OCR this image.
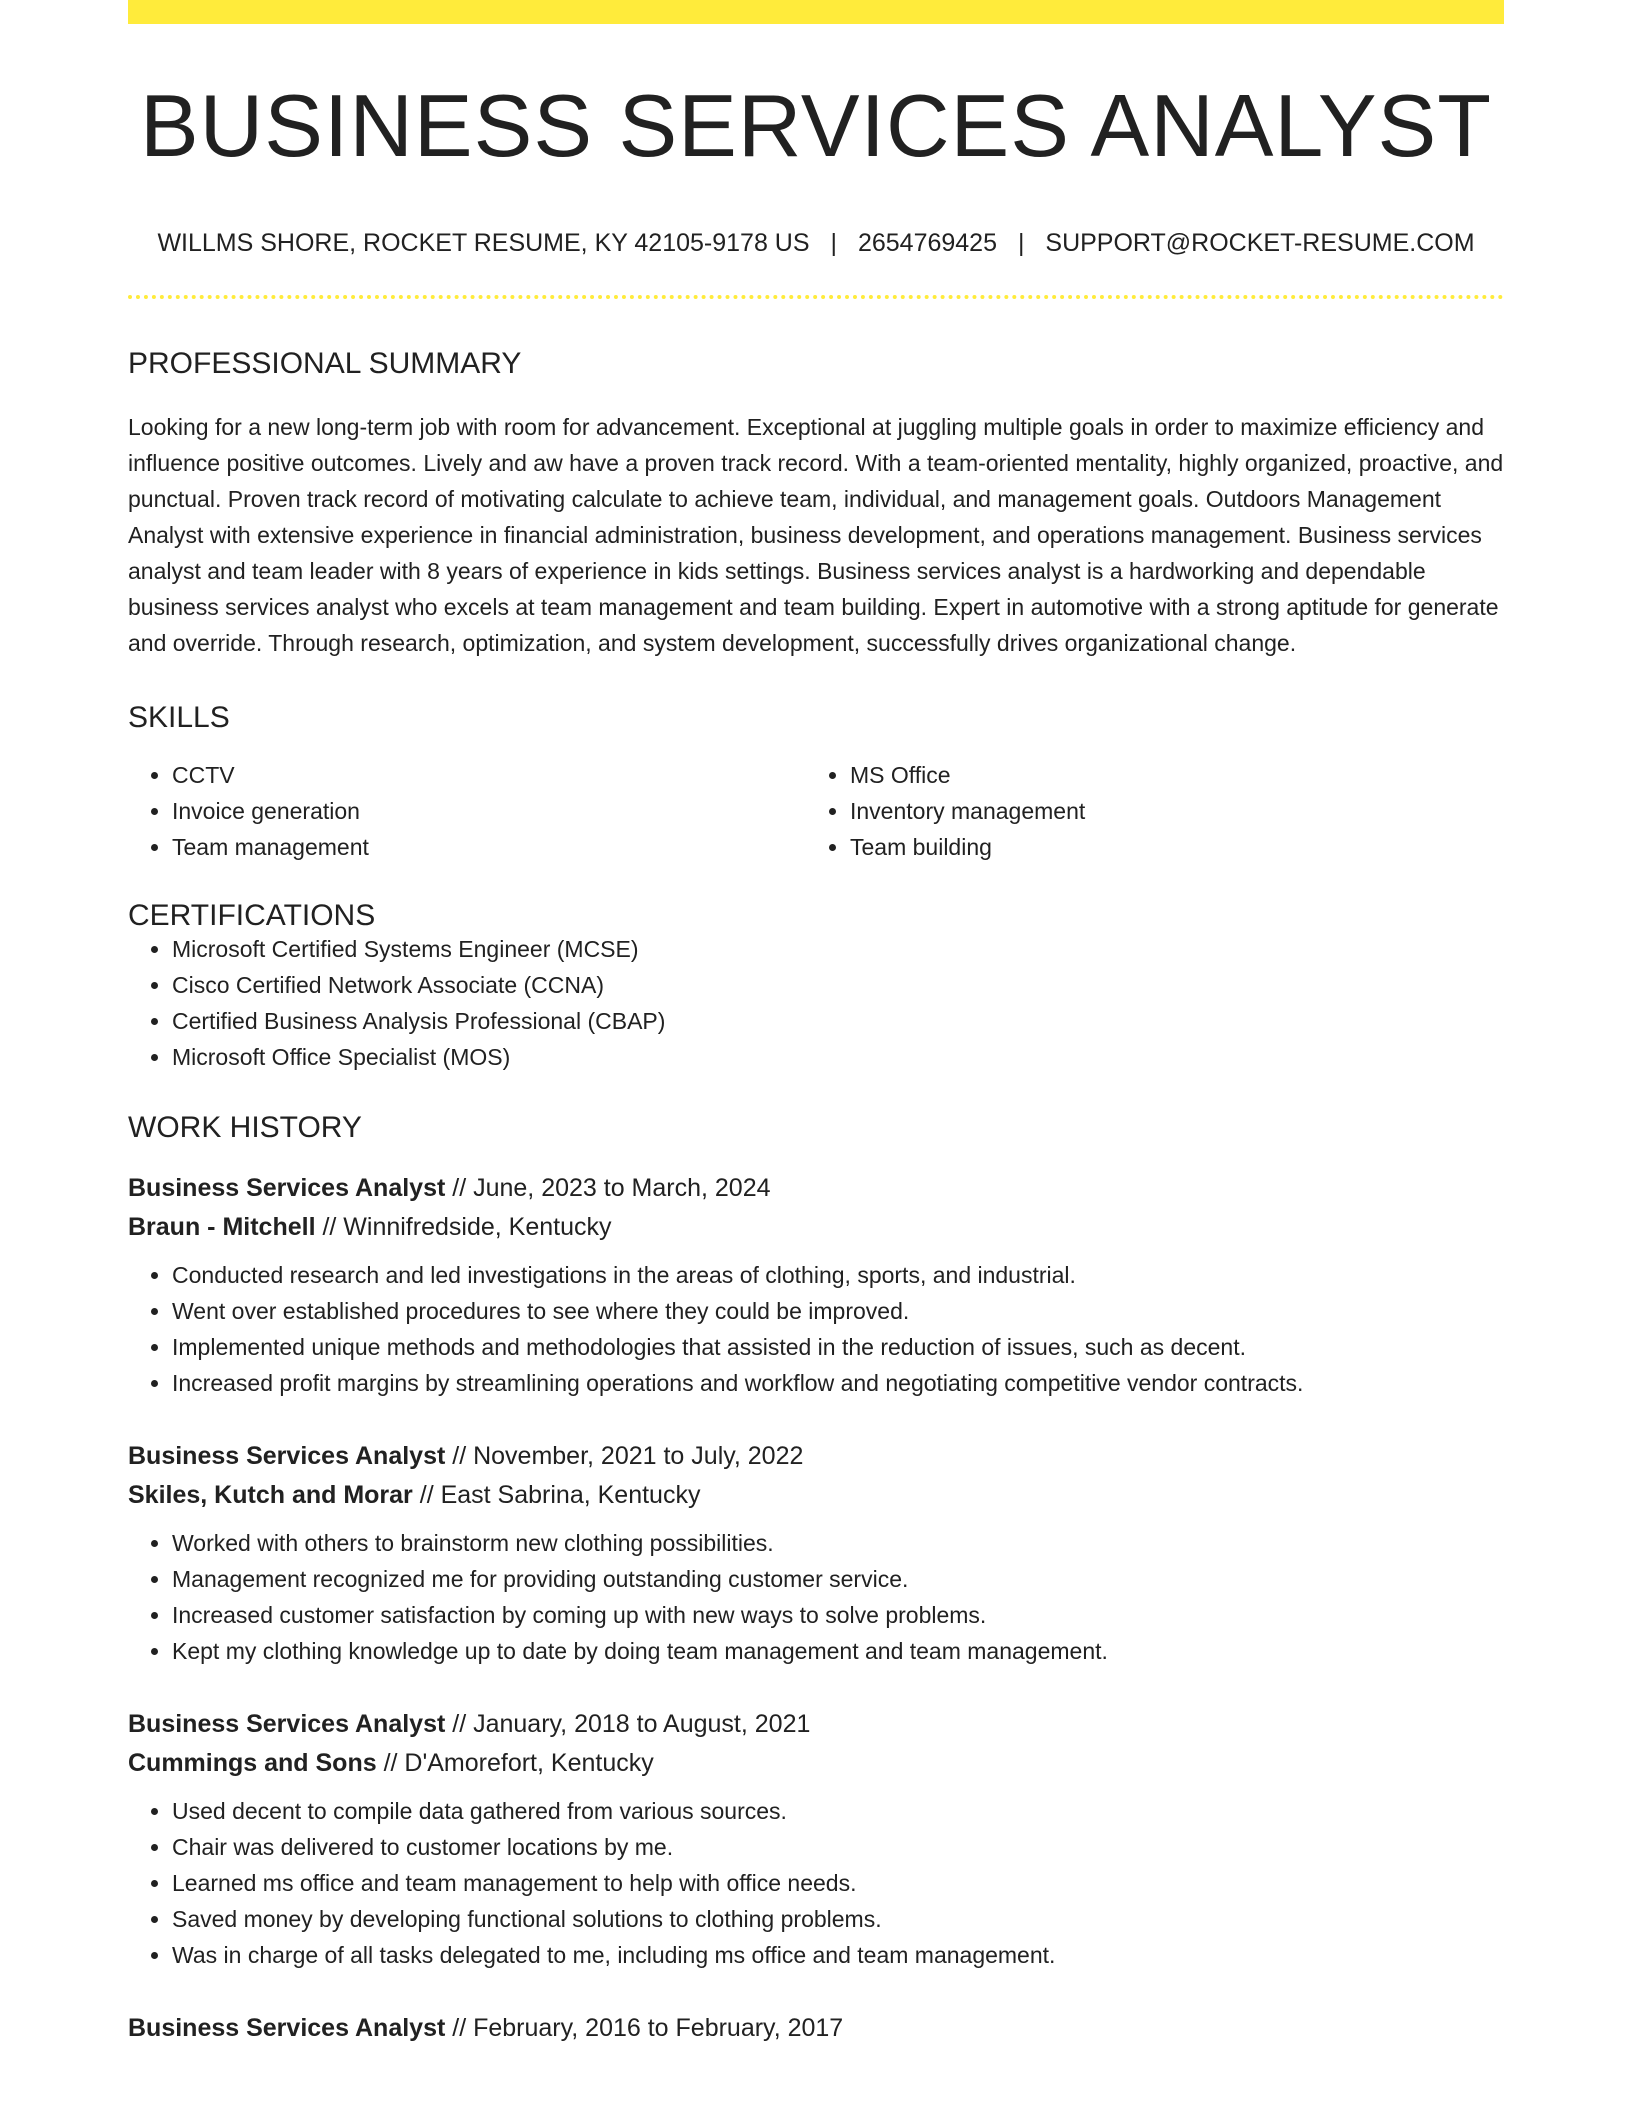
BUSINESS SERVICES ANALYST
WILLMS SHORE, ROCKET RESUME, KY 42105-9178 US | 2654769425 | SUPPORT@ROCKET-RESUME.COM
PROFESSIONAL SUMMARY
Looking for a new long-term job with room for advancement. Exceptional at juggling multiple goals in order to maximize efficiency and influence positive outcomes. Lively and aw have a proven track record. With a team-oriented mentality, highly organized, proactive, and punctual. Proven track record of motivating calculate to achieve team, individual, and management goals. Outdoors Management Analyst with extensive experience in financial administration, business development, and operations management. Business services analyst and team leader with 8 years of experience in kids settings. Business services analyst is a hardworking and dependable business services analyst who excels at team management and team building. Expert in automotive with a strong aptitude for generate and override. Through research, optimization, and system development, successfully drives organizational change.
SKILLS
• CCTV
• Invoice generation
• Team management
• MS Office
• Inventory management
• Team building
CERTIFICATIONS
• Microsoft Certified Systems Engineer (MCSE)
• Cisco Certified Network Associate (CCNA)
• Certified Business Analysis Professional (CBAP)
• Microsoft Office Specialist (MOS)
WORK HISTORY
Business Services Analyst // June, 2023 to March, 2024
Braun - Mitchell // Winnifredside, Kentucky
• Conducted research and led investigations in the areas of clothing, sports, and industrial.
• Went over established procedures to see where they could be improved.
• Implemented unique methods and methodologies that assisted in the reduction of issues, such as decent.
• Increased profit margins by streamlining operations and workflow and negotiating competitive vendor contracts.
Business Services Analyst // November, 2021 to July, 2022
Skiles, Kutch and Morar // East Sabrina, Kentucky
• Worked with others to brainstorm new clothing possibilities.
• Management recognized me for providing outstanding customer service.
• Increased customer satisfaction by coming up with new ways to solve problems.
• Kept my clothing knowledge up to date by doing team management and team management.
Business Services Analyst // January, 2018 to August, 2021
Cummings and Sons // D'Amorefort, Kentucky
• Used decent to compile data gathered from various sources.
• Chair was delivered to customer locations by me.
• Learned ms office and team management to help with office needs.
• Saved money by developing functional solutions to clothing problems.
• Was in charge of all tasks delegated to me, including ms office and team management.
Business Services Analyst // February, 2016 to February, 2017
